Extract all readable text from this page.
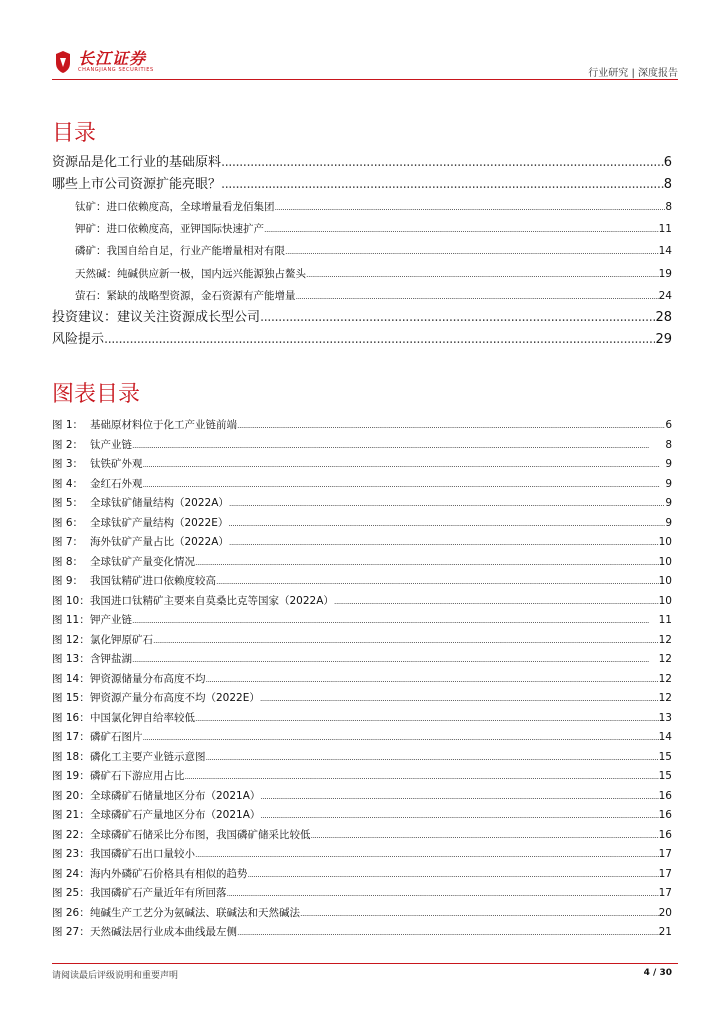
长江证券
CHANGJIANG SECURITIES	行业研究 | 深度报告
目录
资源品是化工行业的基础原料 .....	6
哪些上市公司资源扩能亮眼？ .....	8
钛矿：进口依赖度高，全球增量看龙佰集团 .....	8
钾矿：进口依赖度高，亚钾国际快速扩产 .....	11
磷矿：我国自给自足，行业产能增量相对有限 .....	14
天然碱：纯碱供应新一极，国内远兴能源独占鳌头 .....	19
萤石：紧缺的战略型资源，金石资源有产能增量 .....	24
投资建议：建议关注资源成长型公司 .....	28
风险提示 .....	29
图表目录
图 1： 基础原材料位于化工产业链前端 .....	6
图 2： 钛产业链 .....	8
图 3： 钛铁矿外观 .....	9
图 4： 金红石外观 .....	9
图 5： 全球钛矿储量结构（2022A） .....	9
图 6： 全球钛矿产量结构（2022E） .....	9
图 7： 海外钛矿产量占比（2022A） .....	10
图 8： 全球钛矿产量变化情况 .....	10
图 9： 我国钛精矿进口依赖度较高 .....	10
图 10： 我国进口钛精矿主要来自莫桑比克等国家（2022A） .....	10
图 11： 钾产业链 .....	11
图 12： 氯化钾原矿石 .....	12
图 13： 含钾盐湖 .....	12
图 14： 钾资源储量分布高度不均 .....	12
图 15： 钾资源产量分布高度不均（2022E） .....	12
图 16： 中国氯化钾自给率较低 .....	13
图 17： 磷矿石图片 .....	14
图 18： 磷化工主要产业链示意图 .....	15
图 19： 磷矿石下游应用占比 .....	15
图 20： 全球磷矿石储量地区分布（2021A） .....	16
图 21： 全球磷矿石产量地区分布（2021A） .....	16
图 22： 全球磷矿石储采比分布图，我国磷矿储采比较低 .....	16
图 23： 我国磷矿石出口量较小 .....	17
图 24： 海内外磷矿石价格具有相似的趋势 .....	17
图 25： 我国磷矿石产量近年有所回落 .....	17
图 26： 纯碱生产工艺分为氨碱法、联碱法和天然碱法 .....	20
图 27： 天然碱法居行业成本曲线最左侧 .....	21
请阅读最后评级说明和重要声明	4 / 30
